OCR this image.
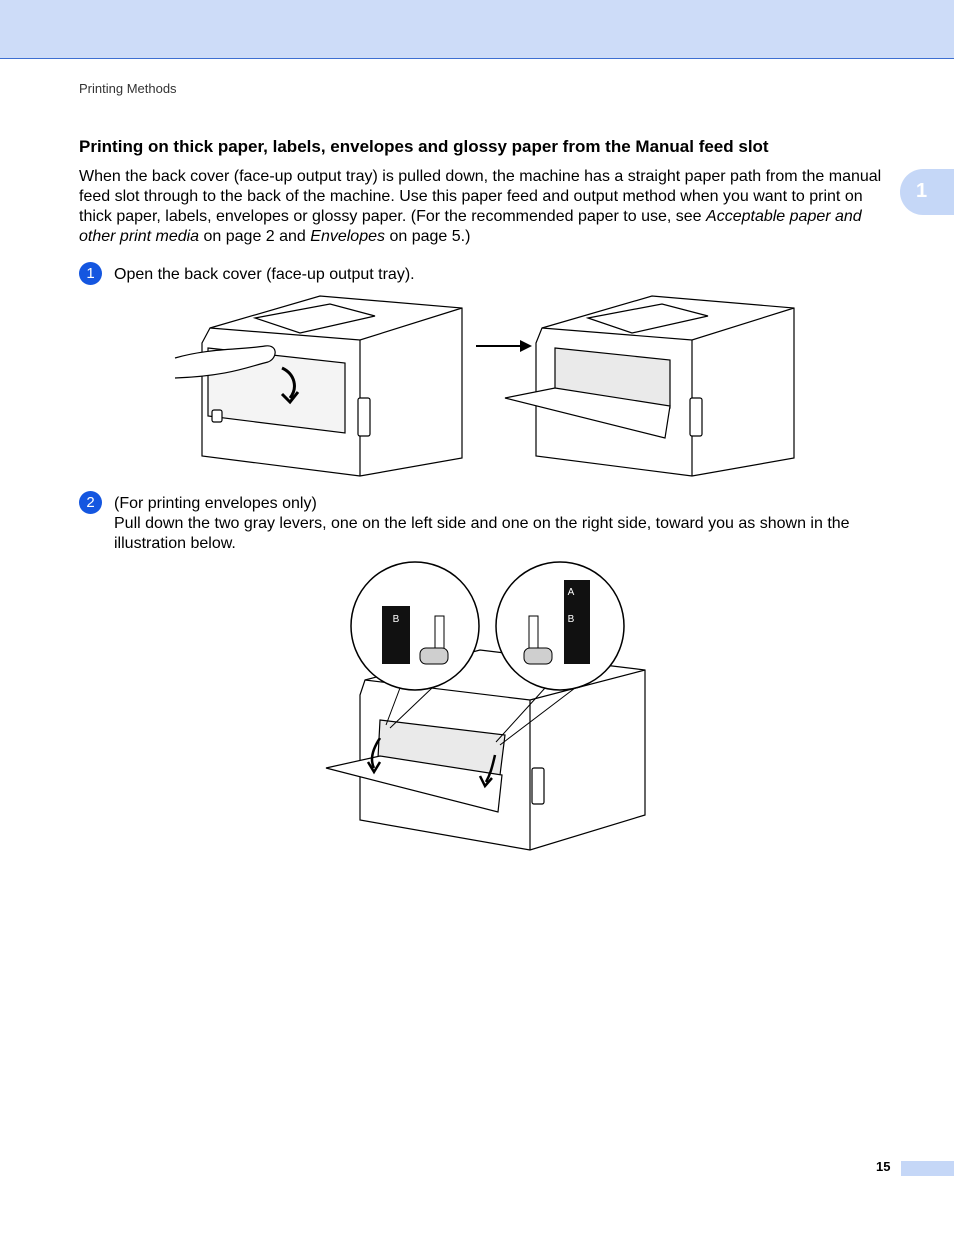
Printing Methods
1
Printing on thick paper, labels, envelopes and glossy paper from the Manual feed slot

When the back cover (face-up output tray) is pulled down, the machine has a straight paper path from the manual feed slot through to the back of the machine. Use this paper feed and output method when you want to print on thick paper, labels, envelopes or glossy paper. (For the recommended paper to use, see Acceptable paper and other print media on page 2 and Envelopes on page 5.)

1	Open the back cover (face-up output tray).
2	(For printing envelopes only)
Pull down the two gray levers, one on the left side and one on the right side, toward you as shown in the illustration below.
B
A
B
15
